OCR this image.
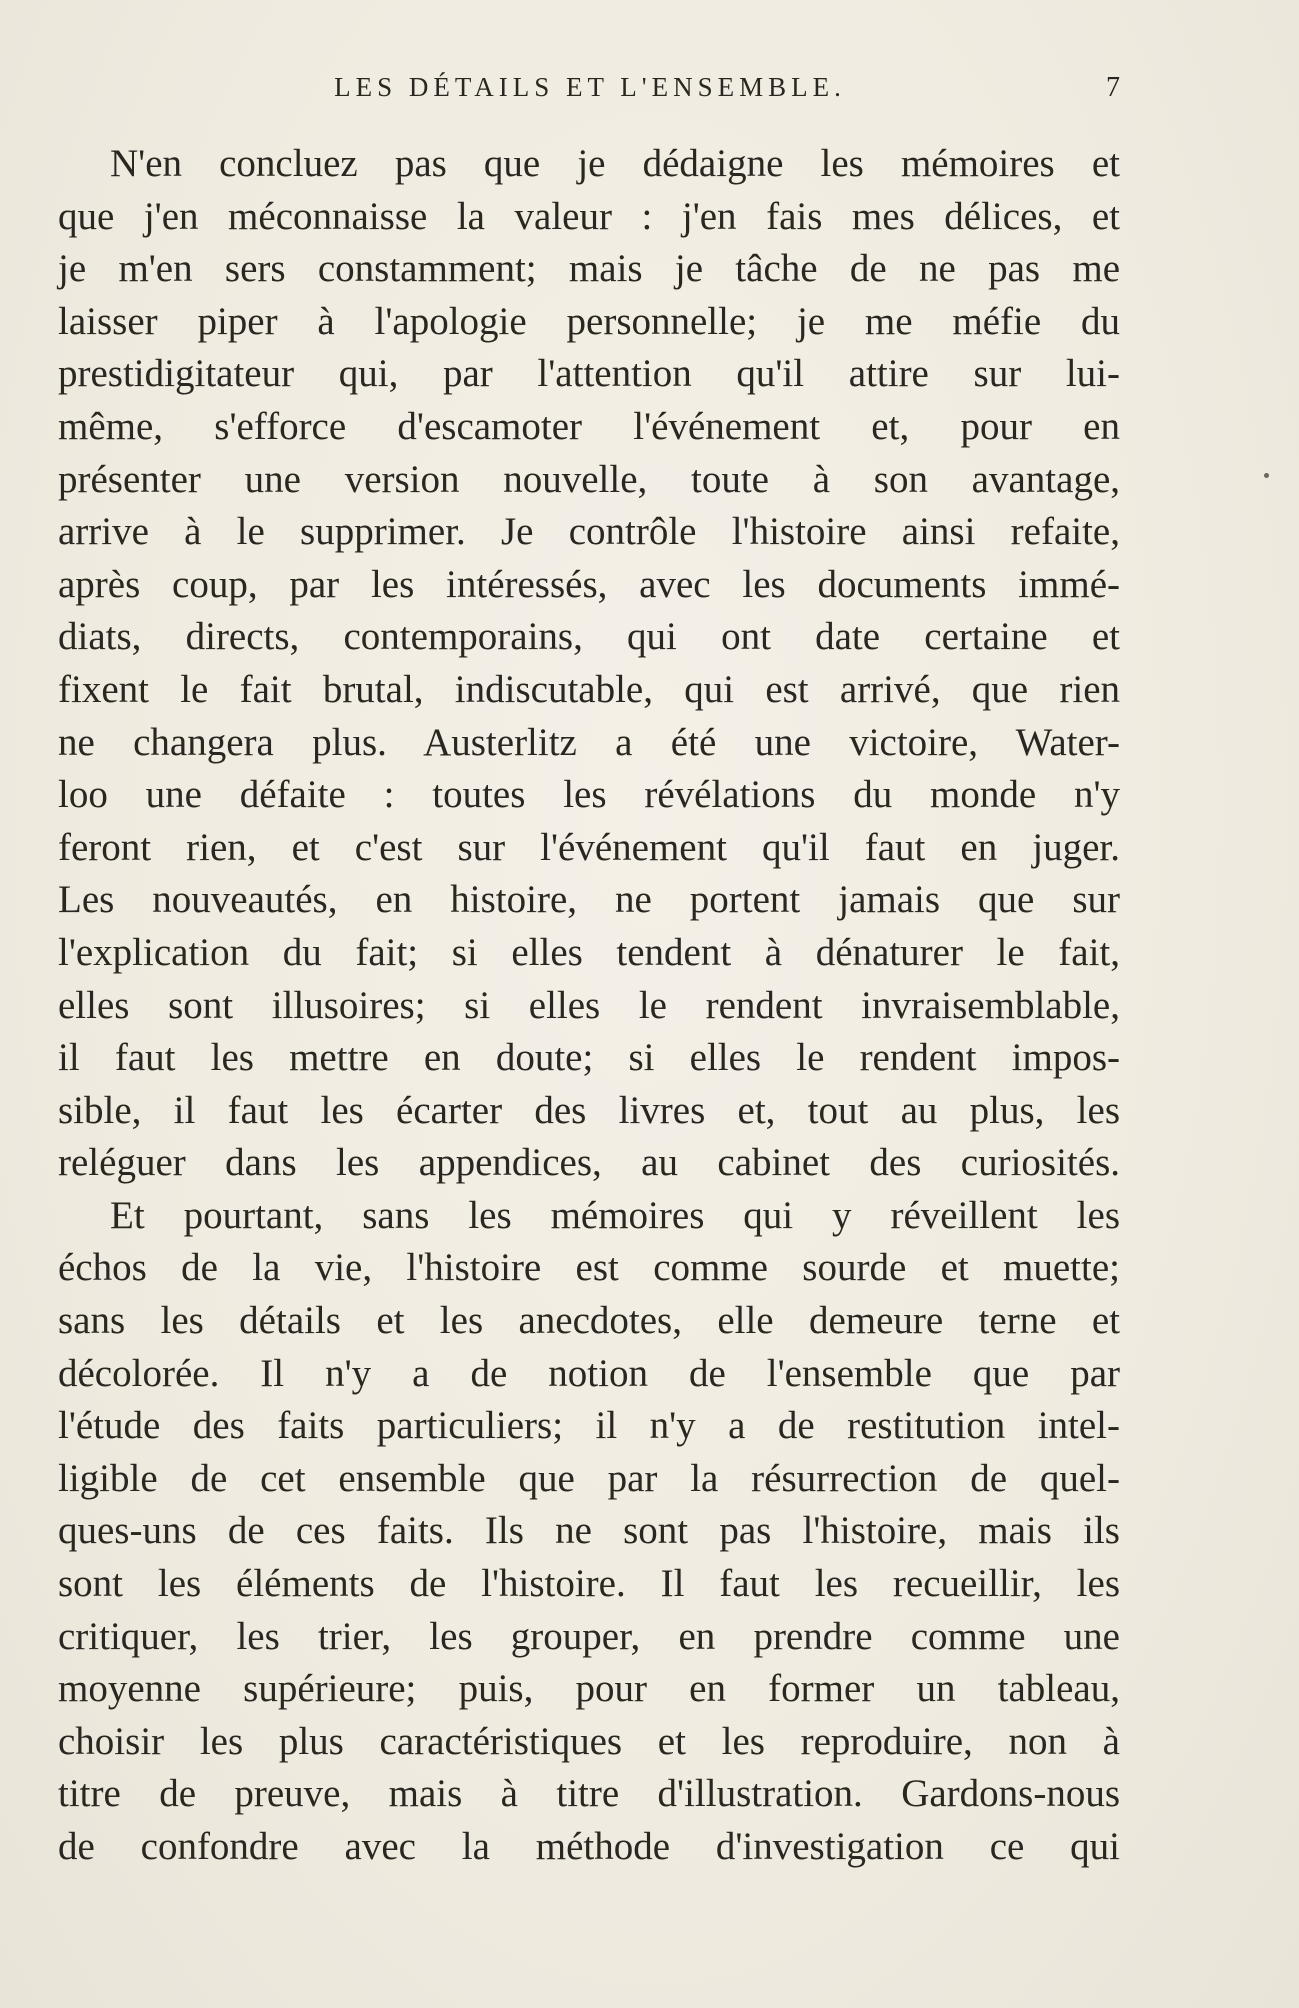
LES DÉTAILS ET L'ENSEMBLE.	7
N'en concluez pas que je dédaigne les mémoires et
que j'en méconnaisse la valeur : j'en fais mes délices, et
je m'en sers constamment; mais je tâche de ne pas me
laisser piper à l'apologie personnelle; je me méfie du
prestidigitateur qui, par l'attention qu'il attire sur lui-
même, s'efforce d'escamoter l'événement et, pour en
présenter une version nouvelle, toute à son avantage,
arrive à le supprimer. Je contrôle l'histoire ainsi refaite,
après coup, par les intéressés, avec les documents immé-
diats, directs, contemporains, qui ont date certaine et
fixent le fait brutal, indiscutable, qui est arrivé, que rien
ne changera plus. Austerlitz a été une victoire, Water-
loo une défaite : toutes les révélations du monde n'y
feront rien, et c'est sur l'événement qu'il faut en juger.
Les nouveautés, en histoire, ne portent jamais que sur
l'explication du fait; si elles tendent à dénaturer le fait,
elles sont illusoires; si elles le rendent invraisemblable,
il faut les mettre en doute; si elles le rendent impos-
sible, il faut les écarter des livres et, tout au plus, les
reléguer dans les appendices, au cabinet des curiosités.
Et pourtant, sans les mémoires qui y réveillent les
échos de la vie, l'histoire est comme sourde et muette;
sans les détails et les anecdotes, elle demeure terne et
décolorée. Il n'y a de notion de l'ensemble que par
l'étude des faits particuliers; il n'y a de restitution intel-
ligible de cet ensemble que par la résurrection de quel-
ques-uns de ces faits. Ils ne sont pas l'histoire, mais ils
sont les éléments de l'histoire. Il faut les recueillir, les
critiquer, les trier, les grouper, en prendre comme une
moyenne supérieure; puis, pour en former un tableau,
choisir les plus caractéristiques et les reproduire, non à
titre de preuve, mais à titre d'illustration. Gardons-nous
de confondre avec la méthode d'investigation ce qui
